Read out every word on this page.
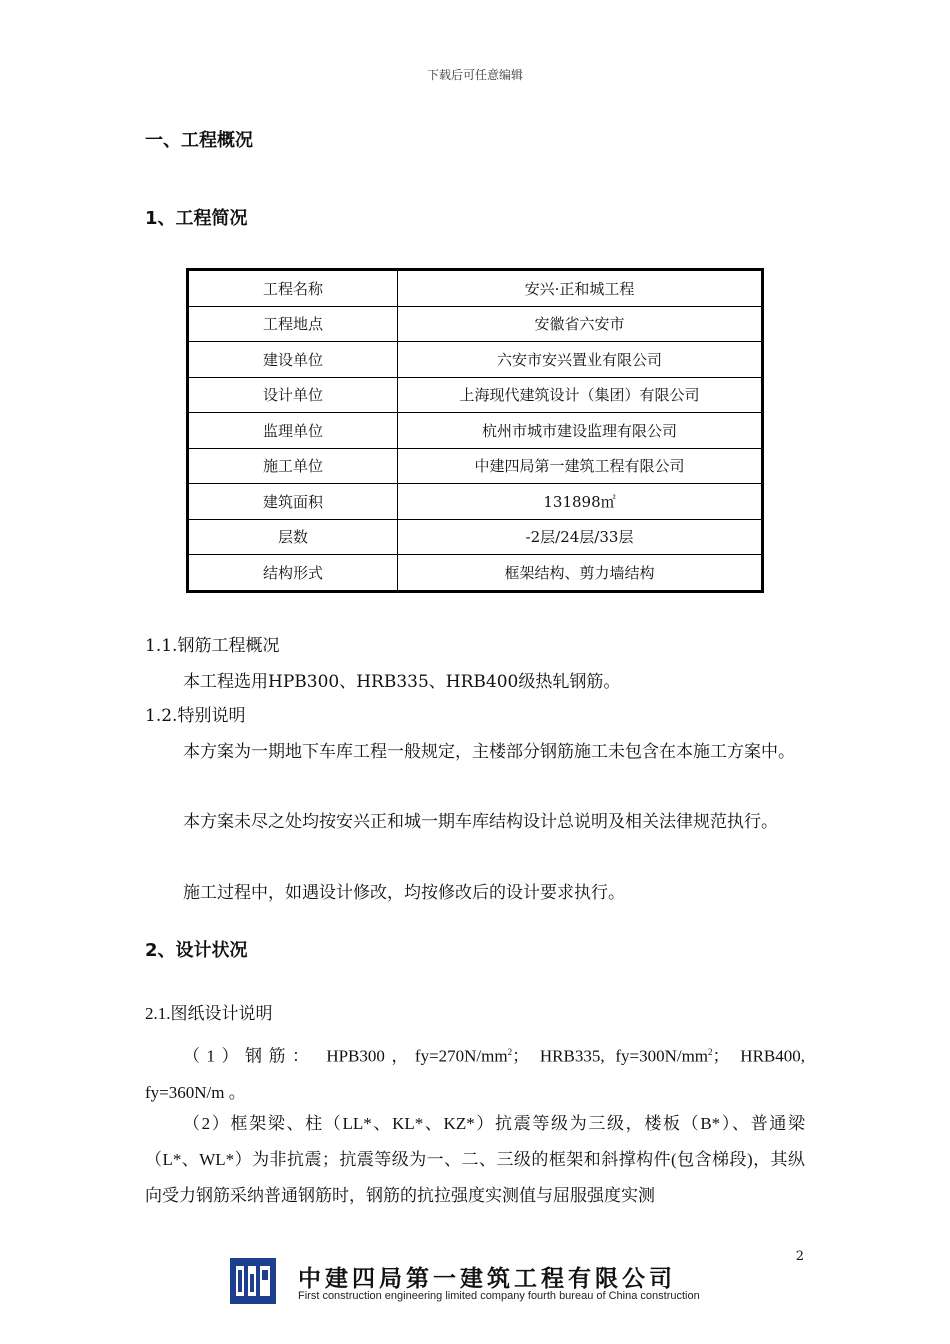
下载后可任意编辑
一、工程概况
1、工程简况
工程名称	安兴·正和城工程
工程地点	安徽省六安市
建设单位	六安市安兴置业有限公司
设计单位	上海现代建筑设计（集团）有限公司
监理单位	杭州市城市建设监理有限公司
施工单位	中建四局第一建筑工程有限公司
建筑面积	131898㎡
层数	-2层/24层/33层
结构形式	框架结构、剪力墙结构
1.1.钢筋工程概况
本工程选用HPB300、HRB335、HRB400级热轧钢筋。
1.2.特别说明
本方案为一期地下车库工程一般规定，主楼部分钢筋施工未包含在本施工方案中。
本方案未尽之处均按安兴正和城一期车库结构设计总说明及相关法律规范执行。
施工过程中，如遇设计修改，均按修改后的设计要求执行。
2、设计状况
2.1.图纸设计说明
（1）钢筋： HPB300，$fy=270N/mm^2$； HRB335, $fy=300N/mm^2$； HRB400, fy=360N/m 。
（2）框架梁、柱（LL*、KL*、KZ*）抗震等级为三级，楼板（B*）、普通梁（L*、WL*）为非抗震；抗震等级为一、二、三级的框架和斜撑构件(包含梯段)，其纵向受力钢筋采纳普通钢筋时，钢筋的抗拉强度实测值与屈服强度实测
2
中建四局第一建筑工程有限公司
First construction engineering limited company fourth bureau of China construction
